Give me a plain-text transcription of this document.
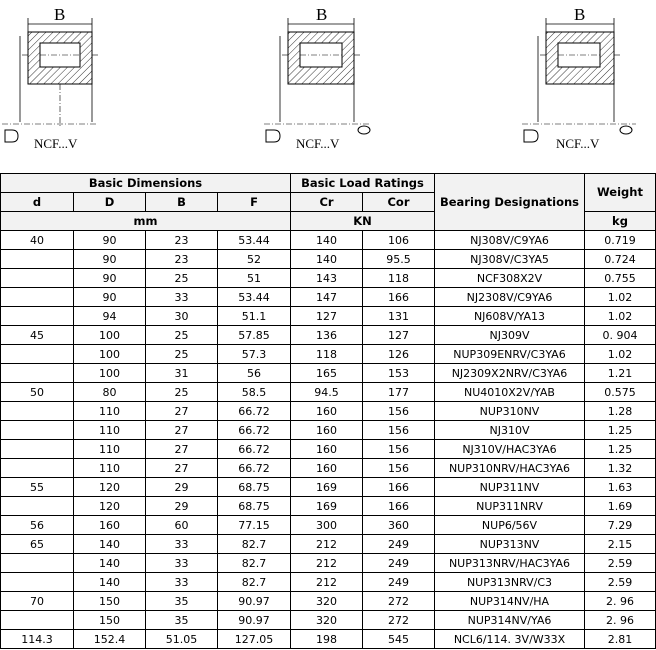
B
NCF...V
B
NCF...V
B
NCF...V
Basic Dimensions				Basic Load Ratings		Bearing Designations	Weight
d	D	B	F	Cr	Cor		
mm				KN			kg
40	90	23	53.44	140	106	NJ308V/C9YA6	0.719
	90	23	52	140	95.5	NJ308V/C3YA5	0.724
	90	25	51	143	118	NCF308X2V	0.755
	90	33	53.44	147	166	NJ2308V/C9YA6	1.02
	94	30	51.1	127	131	NJ608V/YA13	1.02
45	100	25	57.85	136	127	NJ309V	0. 904
	100	25	57.3	118	126	NUP309ENRV/C3YA6	1.02
	100	31	56	165	153	NJ2309X2NRV/C3YA6	1.21
50	80	25	58.5	94.5	177	NU4010X2V/YAB	0.575
	110	27	66.72	160	156	NUP310NV	1.28
	110	27	66.72	160	156	NJ310V	1.25
	110	27	66.72	160	156	NJ310V/HAC3YA6	1.25
	110	27	66.72	160	156	NUP310NRV/HAC3YA6	1.32
55	120	29	68.75	169	166	NUP311NV	1.63
	120	29	68.75	169	166	NUP311NRV	1.69
56	160	60	77.15	300	360	NUP6/56V	7.29
65	140	33	82.7	212	249	NUP313NV	2.15
	140	33	82.7	212	249	NUP313NRV/HAC3YA6	2.59
	140	33	82.7	212	249	NUP313NRV/C3	2.59
70	150	35	90.97	320	272	NUP314NV/HA	2. 96
	150	35	90.97	320	272	NUP314NV/YA6	2. 96
114.3	152.4	51.05	127.05	198	545	NCL6/114. 3V/W33X	2.81
